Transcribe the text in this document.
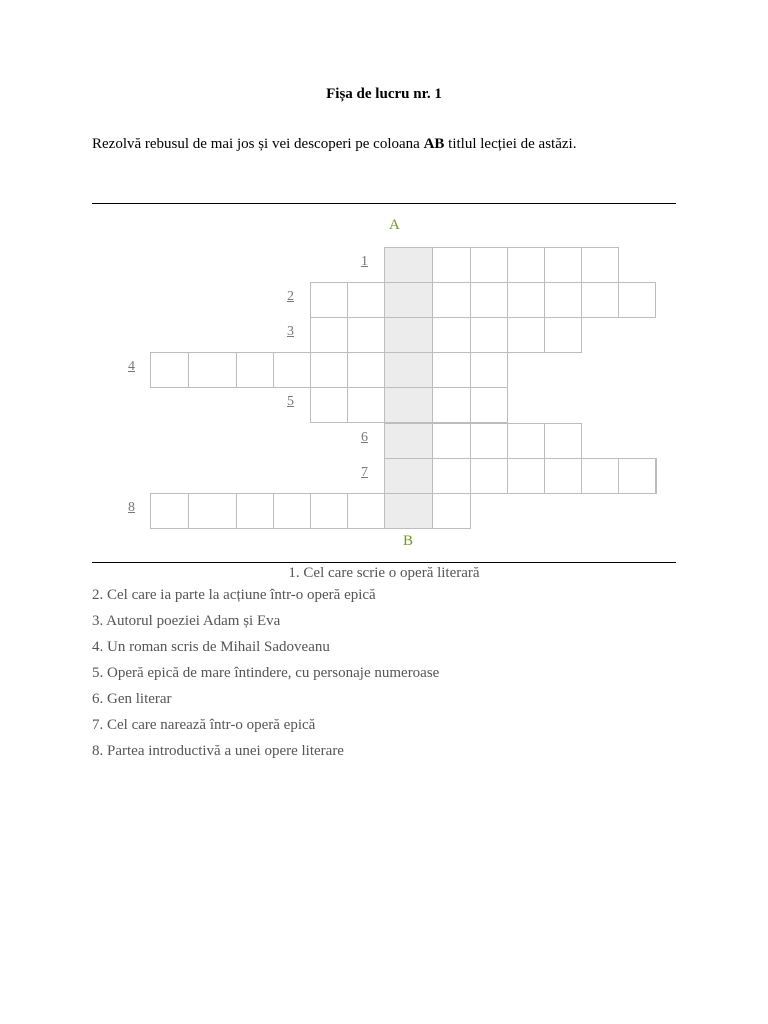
Fișa de lucru nr. 1
Rezolvă rebusul de mai jos și vei descoperi pe coloana AB titlul lecției de astăzi.
A
1
2
3
4
5
6
7
8
B
1. Cel care scrie o operă literară
2. Cel care ia parte la acțiune într-o operă epică
3. Autorul poeziei Adam și Eva
4. Un roman scris de Mihail Sadoveanu
5. Operă epică de mare întindere, cu personaje numeroase
6. Gen literar
7. Cel care narează într-o operă epică
8. Partea introductivă a unei opere literare
